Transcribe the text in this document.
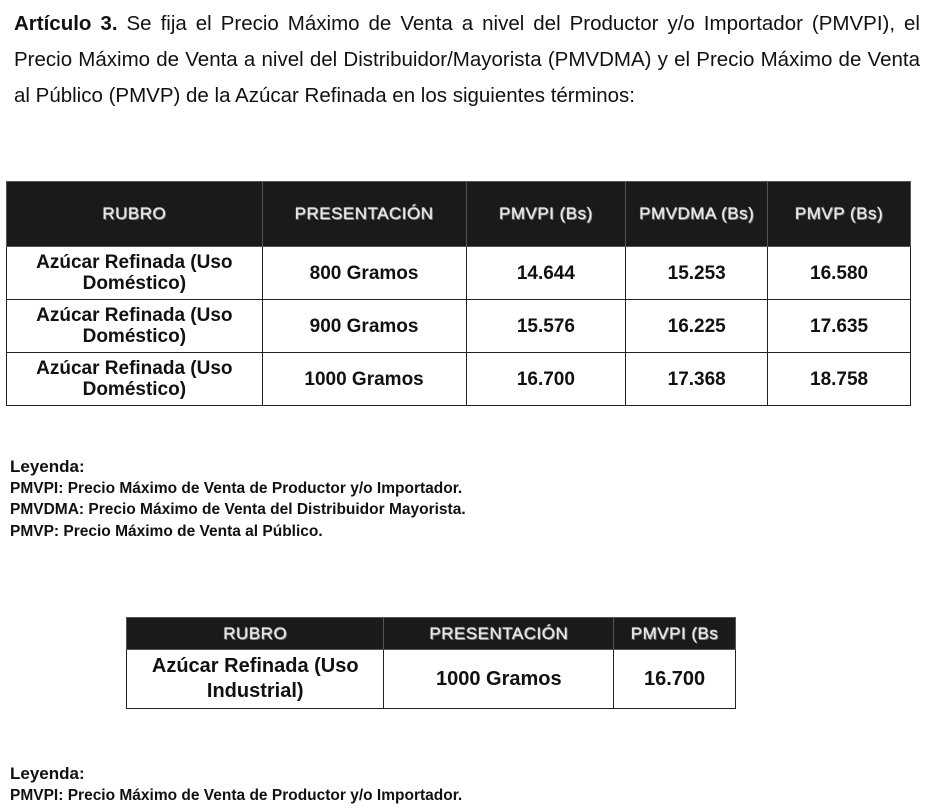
Artículo 3. Se fija el Precio Máximo de Venta a nivel del Productor y/o Importador (PMVPI), el Precio Máximo de Venta a nivel del Distribuidor/Mayorista (PMVDMA) y el Precio Máximo de Venta al Público (PMVP) de la Azúcar Refinada en los siguientes términos:

RUBRO	PRESENTACIÓN	PMVPI (Bs)	PMVDMA (Bs)	PMVP (Bs)
Azúcar Refinada (Uso Doméstico)	800 Gramos	14.644	15.253	16.580
Azúcar Refinada (Uso Doméstico)	900 Gramos	15.576	16.225	17.635
Azúcar Refinada (Uso Doméstico)	1000 Gramos	16.700	17.368	18.758
Leyenda:
PMVPI: Precio Máximo de Venta de Productor y/o Importador.
PMVDMA: Precio Máximo de Venta del Distribuidor Mayorista.
PMVP: Precio Máximo de Venta al Público.
RUBRO	PRESENTACIÓN	PMVPI (Bs
Azúcar Refinada (Uso Industrial)	1000 Gramos	16.700
Leyenda:
PMVPI: Precio Máximo de Venta de Productor y/o Importador.
